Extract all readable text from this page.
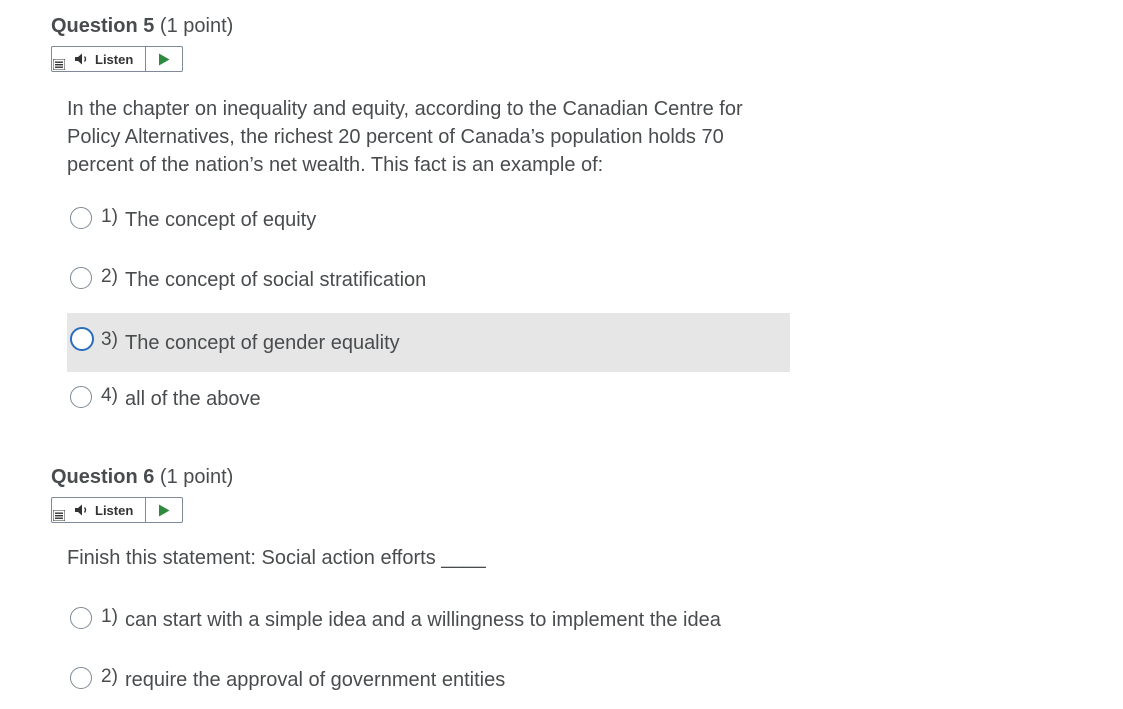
Question 5 (1 point)
Listen
In the chapter on inequality and equity, according to the Canadian Centre for Policy Alternatives, the richest 20 percent of Canada’s population holds 70 percent of the nation’s net wealth. This fact is an example of:
1) The concept of equity
2) The concept of social stratification
3) The concept of gender equality
4) all of the above
Question 6 (1 point)
Listen
Finish this statement: Social action efforts ____
1) can start with a simple idea and a willingness to implement the idea
2) require the approval of government entities
